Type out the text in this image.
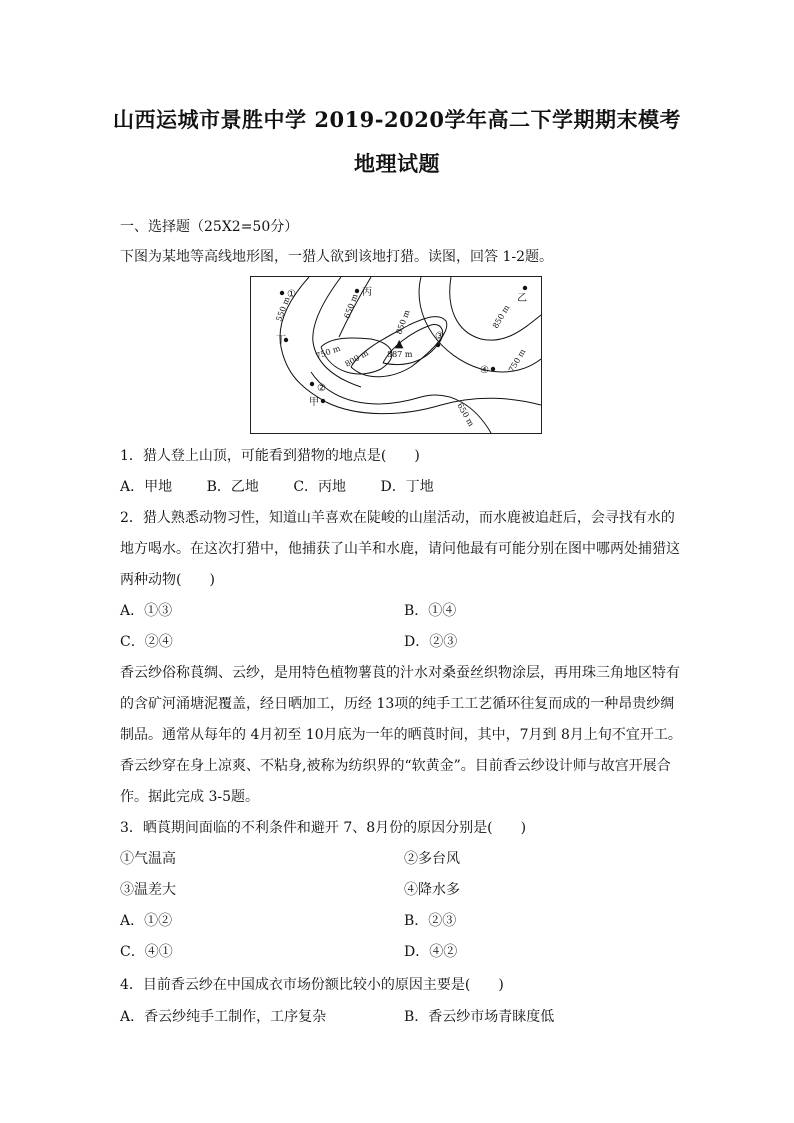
山西运城市景胜中学 2019-2020学年高二下学期期末模考
地理试题
一、选择题（25X2=50分）
下图为某地等高线地形图，一猎人欲到该地打猎。读图，回答 1-2题。
550 m	650 m
750 m 800 m
850 m	850 m
750 m
650 m
▲
887 m
①
②
③
④
丙
丁
甲
乙
1．猎人登上山顶，可能看到猎物的地点是(　　)
A．甲地 B．乙地 C．丙地 D．丁地
2．猎人熟悉动物习性，知道山羊喜欢在陡峻的山崖活动，而水鹿被追赶后，会寻找有水的
地方喝水。在这次打猎中，他捕获了山羊和水鹿，请问他最有可能分别在图中哪两处捕猎这
两种动物(　　)
A．①③	B．①④
C．②④	D．②③
香云纱俗称莨绸、云纱，是用特色植物薯莨的汁水对桑蚕丝织物涂层，再用珠三角地区特有
的含矿河涌塘泥覆盖，经日晒加工，历经 13项的纯手工工艺循环往复而成的一种昂贵纱绸
制品。通常从每年的 4月初至 10月底为一年的晒莨时间，其中，7月到 8月上旬不宜开工。
香云纱穿在身上凉爽、不粘身,被称为纺织界的“软黄金”。目前香云纱设计师与故宫开展合
作。据此完成 3-5题。
3．晒莨期间面临的不利条件和避开 7、8月份的原因分别是(　　)
①气温高	②多台风
③温差大	④降水多
A．①②	B．②③
C．④①	D．④②
4．目前香云纱在中国成衣市场份额比较小的原因主要是(　　)
A．香云纱纯手工制作，工序复杂	B．香云纱市场青睐度低
